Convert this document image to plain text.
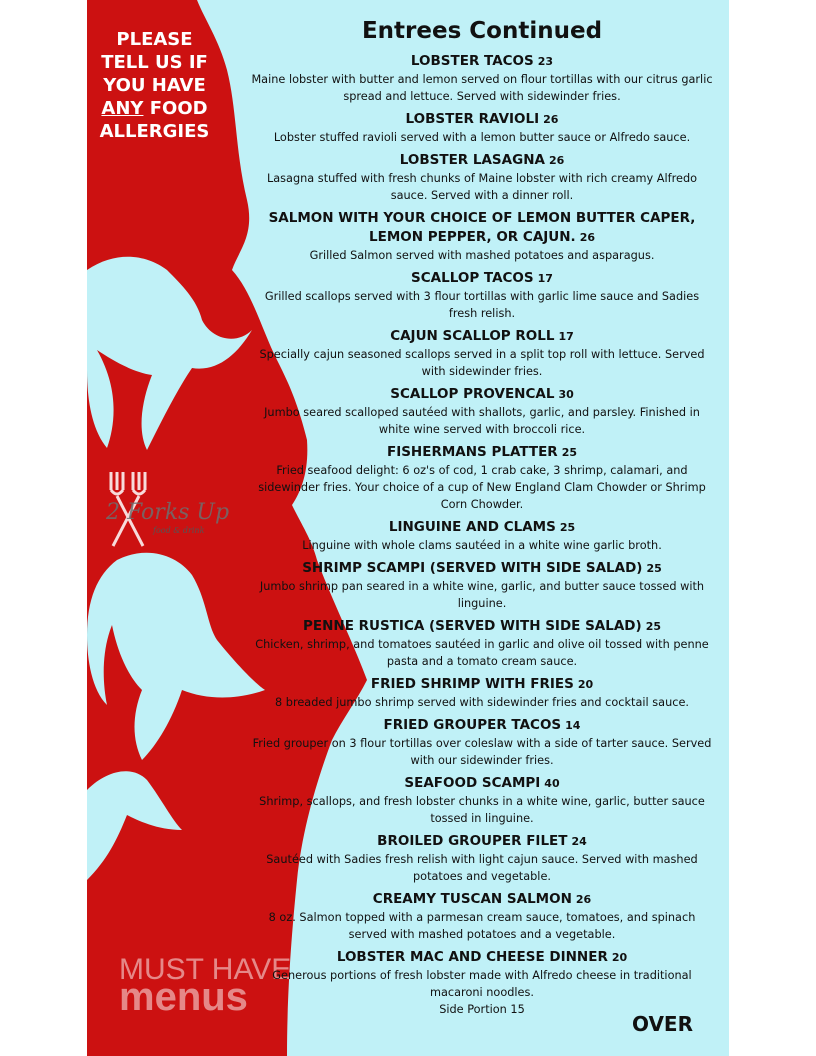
PLEASE
TELL US IF
YOU HAVE
ANY FOOD
ALLERGIES
2 Forks Up
food & drink
MUST HAVE
menus
Entrees Continued
LOBSTER TACOS 23
Maine lobster with butter and lemon served on flour tortillas with our citrus garlic spread and lettuce. Served with sidewinder fries.
LOBSTER RAVIOLI 26
Lobster stuffed ravioli served with a lemon butter sauce or Alfredo sauce.
LOBSTER LASAGNA 26
Lasagna stuffed with fresh chunks of Maine lobster with rich creamy Alfredo sauce. Served with a dinner roll.
SALMON WITH YOUR CHOICE OF LEMON BUTTER CAPER, LEMON PEPPER, OR CAJUN. 26
Grilled Salmon served with mashed potatoes and asparagus.
SCALLOP TACOS 17
Grilled scallops served with 3 flour tortillas with garlic lime sauce and Sadies fresh relish.
CAJUN SCALLOP ROLL 17
Specially cajun seasoned scallops served in a split top roll with lettuce. Served with sidewinder fries.
SCALLOP PROVENCAL 30
Jumbo seared scalloped sautéed with shallots, garlic, and parsley. Finished in white wine served with broccoli rice.
FISHERMANS PLATTER 25
Fried seafood delight: 6 oz's of cod, 1 crab cake, 3 shrimp, calamari, and sidewinder fries. Your choice of a cup of New England Clam Chowder or Shrimp Corn Chowder.
LINGUINE AND CLAMS 25
Linguine with whole clams sautéed in a white wine garlic broth.
SHRIMP SCAMPI (SERVED WITH SIDE SALAD) 25
Jumbo shrimp pan seared in a white wine, garlic, and butter sauce tossed with linguine.
PENNE RUSTICA (SERVED WITH SIDE SALAD) 25
Chicken, shrimp, and tomatoes sautéed in garlic and olive oil tossed with penne pasta and a tomato cream sauce.
FRIED SHRIMP WITH FRIES 20
8 breaded jumbo shrimp served with sidewinder fries and cocktail sauce.
FRIED GROUPER TACOS 14
Fried grouper on 3 flour tortillas over coleslaw with a side of tarter sauce. Served with our sidewinder fries.
SEAFOOD SCAMPI 40
Shrimp, scallops, and fresh lobster chunks in a white wine, garlic, butter sauce tossed in linguine.
BROILED GROUPER FILET 24
Sautéed with Sadies fresh relish with light cajun sauce. Served with mashed potatoes and vegetable.
CREAMY TUSCAN SALMON 26
8 oz. Salmon topped with a parmesan cream sauce, tomatoes, and spinach served with mashed potatoes and a vegetable.
LOBSTER MAC AND CHEESE DINNER 20
Generous portions of fresh lobster made with Alfredo cheese in traditional macaroni noodles.
Side Portion 15
OVER
